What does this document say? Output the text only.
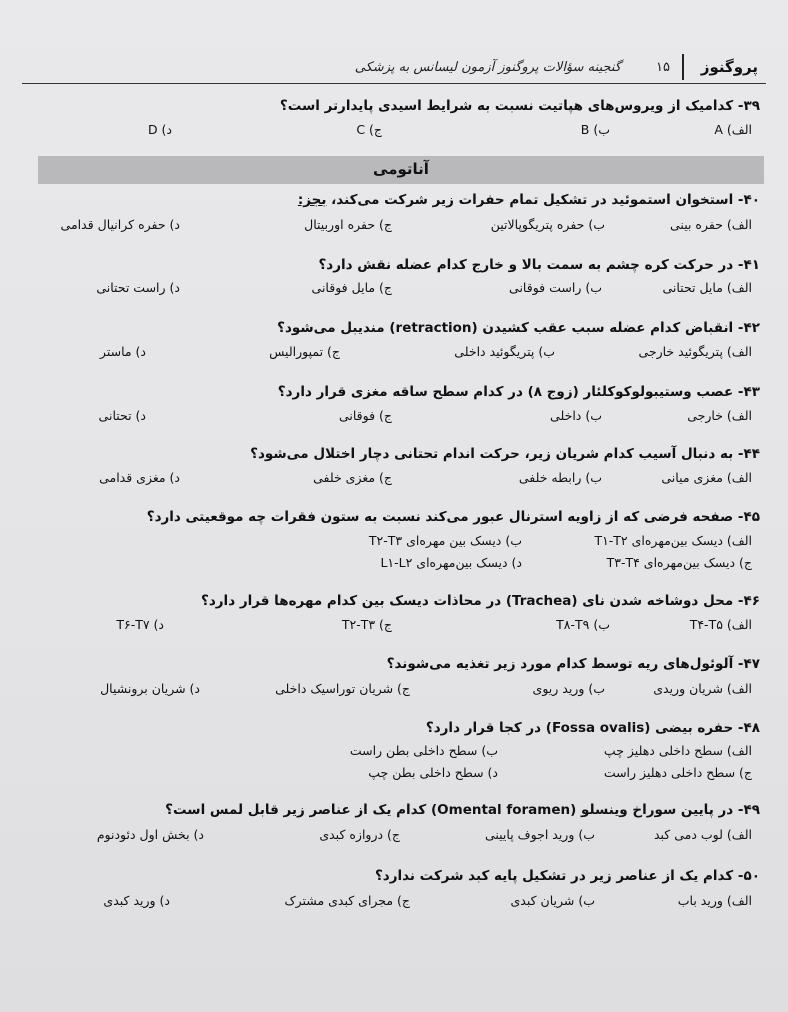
پروگنوز
۱۵
گنجینه سؤالات پروگنوز آزمون لیسانس به پزشکی
۳۹- کدامیک از ویروس‌های هپاتیت نسبت به شرایط اسیدی پایدارتر است؟
الف) A
ب) B
ج) C
د) D
آناتومی
۴۰- استخوان استموئید در تشکیل تمام حفرات زیر شرکت می‌کند، بجز:
الف) حفره بینی
ب) حفره پتریگوپالاتین
ج) حفره اوربیتال
د) حفره کرانیال قدامی
۴۱- در حرکت کره چشم به سمت بالا و خارج کدام عضله نقش دارد؟
الف) مایل تحتانی
ب) راست فوقانی
ج) مایل فوقانی
د) راست تحتانی
۴۲- انقباض کدام عضله سبب عقب کشیدن (retraction) مندیبل می‌شود؟
الف) پتریگوئید خارجی
ب) پتریگوئید داخلی
ج) تمپورالیس
د) ماستر
۴۳- عصب وستیبولوکوکلئار (زوج ۸) در کدام سطح ساقه مغزی قرار دارد؟
الف) خارجی
ب) داخلی
ج) فوقانی
د) تحتانی
۴۴- به دنبال آسیب کدام شریان زیر، حرکت اندام تحتانی دچار اختلال می‌شود؟
الف) مغزی میانی
ب) رابطه خلفی
ج) مغزی خلفی
د) مغزی قدامی
۴۵- صفحه فرضی که از زاویه استرنال عبور می‌کند نسبت به ستون فقرات چه موقعیتی دارد؟
الف) دیسک بین‌مهره‌ای T۱-T۲
ب) دیسک بین مهره‌ای T۲-T۳
ج) دیسک بین‌مهره‌ای T۳-T۴
د) دیسک بین‌مهره‌ای L۱-L۲
۴۶- محل دوشاخه شدن نای (Trachea) در محاذات دیسک بین کدام مهره‌ها قرار دارد؟
الف) T۴-T۵
ب) T۸-T۹
ج) T۲-T۳
د) T۶-T۷
۴۷- آلوئول‌های ریه توسط کدام مورد زیر تغذیه می‌شوند؟
الف) شریان وریدی
ب) ورید ریوی
ج) شریان توراسیک داخلی
د) شریان برونشیال
۴۸- حفره بیضی (Fossa ovalis) در کجا قرار دارد؟
الف) سطح داخلی دهلیز چپ
ب) سطح داخلی بطن راست
ج) سطح داخلی دهلیز راست
د) سطح داخلی بطن چپ
۴۹- در پایین سوراخ وینسلو (Omental foramen) کدام یک از عناصر زیر قابل لمس است؟
الف) لوب دمی کبد
ب) ورید اجوف پایینی
ج) دروازه کبدی
د) بخش اول دئودنوم
۵۰- کدام یک از عناصر زیر در تشکیل پایه کبد شرکت ندارد؟
الف) ورید باب
ب) شریان کبدی
ج) مجرای کبدی مشترک
د) ورید کبدی
